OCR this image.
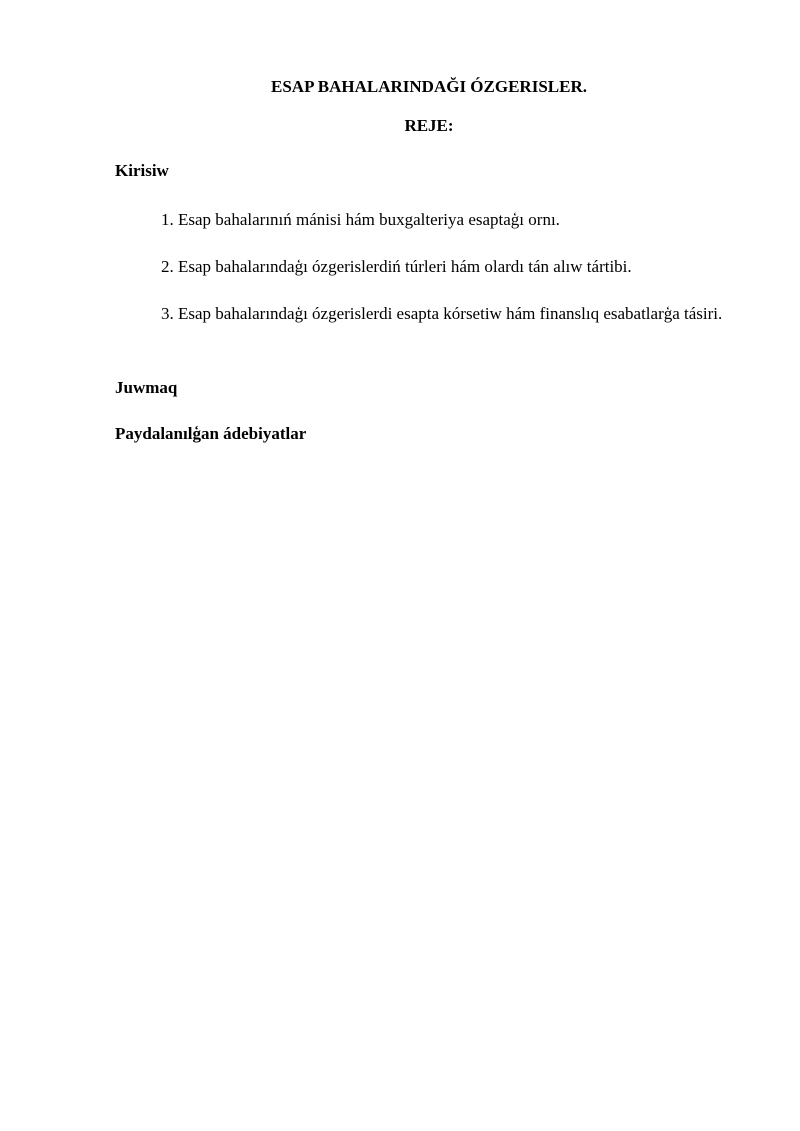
ESAP BAHALARINDAĞI ÓZGERISLER.
REJE:
Kirisiw
1. Esap bahalarınıń mánisi hám buxgalteriya esaptaģı ornı.
2. Esap bahalarındaģı ózgerislerdiń túrleri hám olardı tán alıw tártibi.
3. Esap bahalarındaģı ózgerislerdi esapta kórsetiw hám finanslıq esabatlarģa tásiri.
Juwmaq
Paydalanılģan ádebiyatlar
